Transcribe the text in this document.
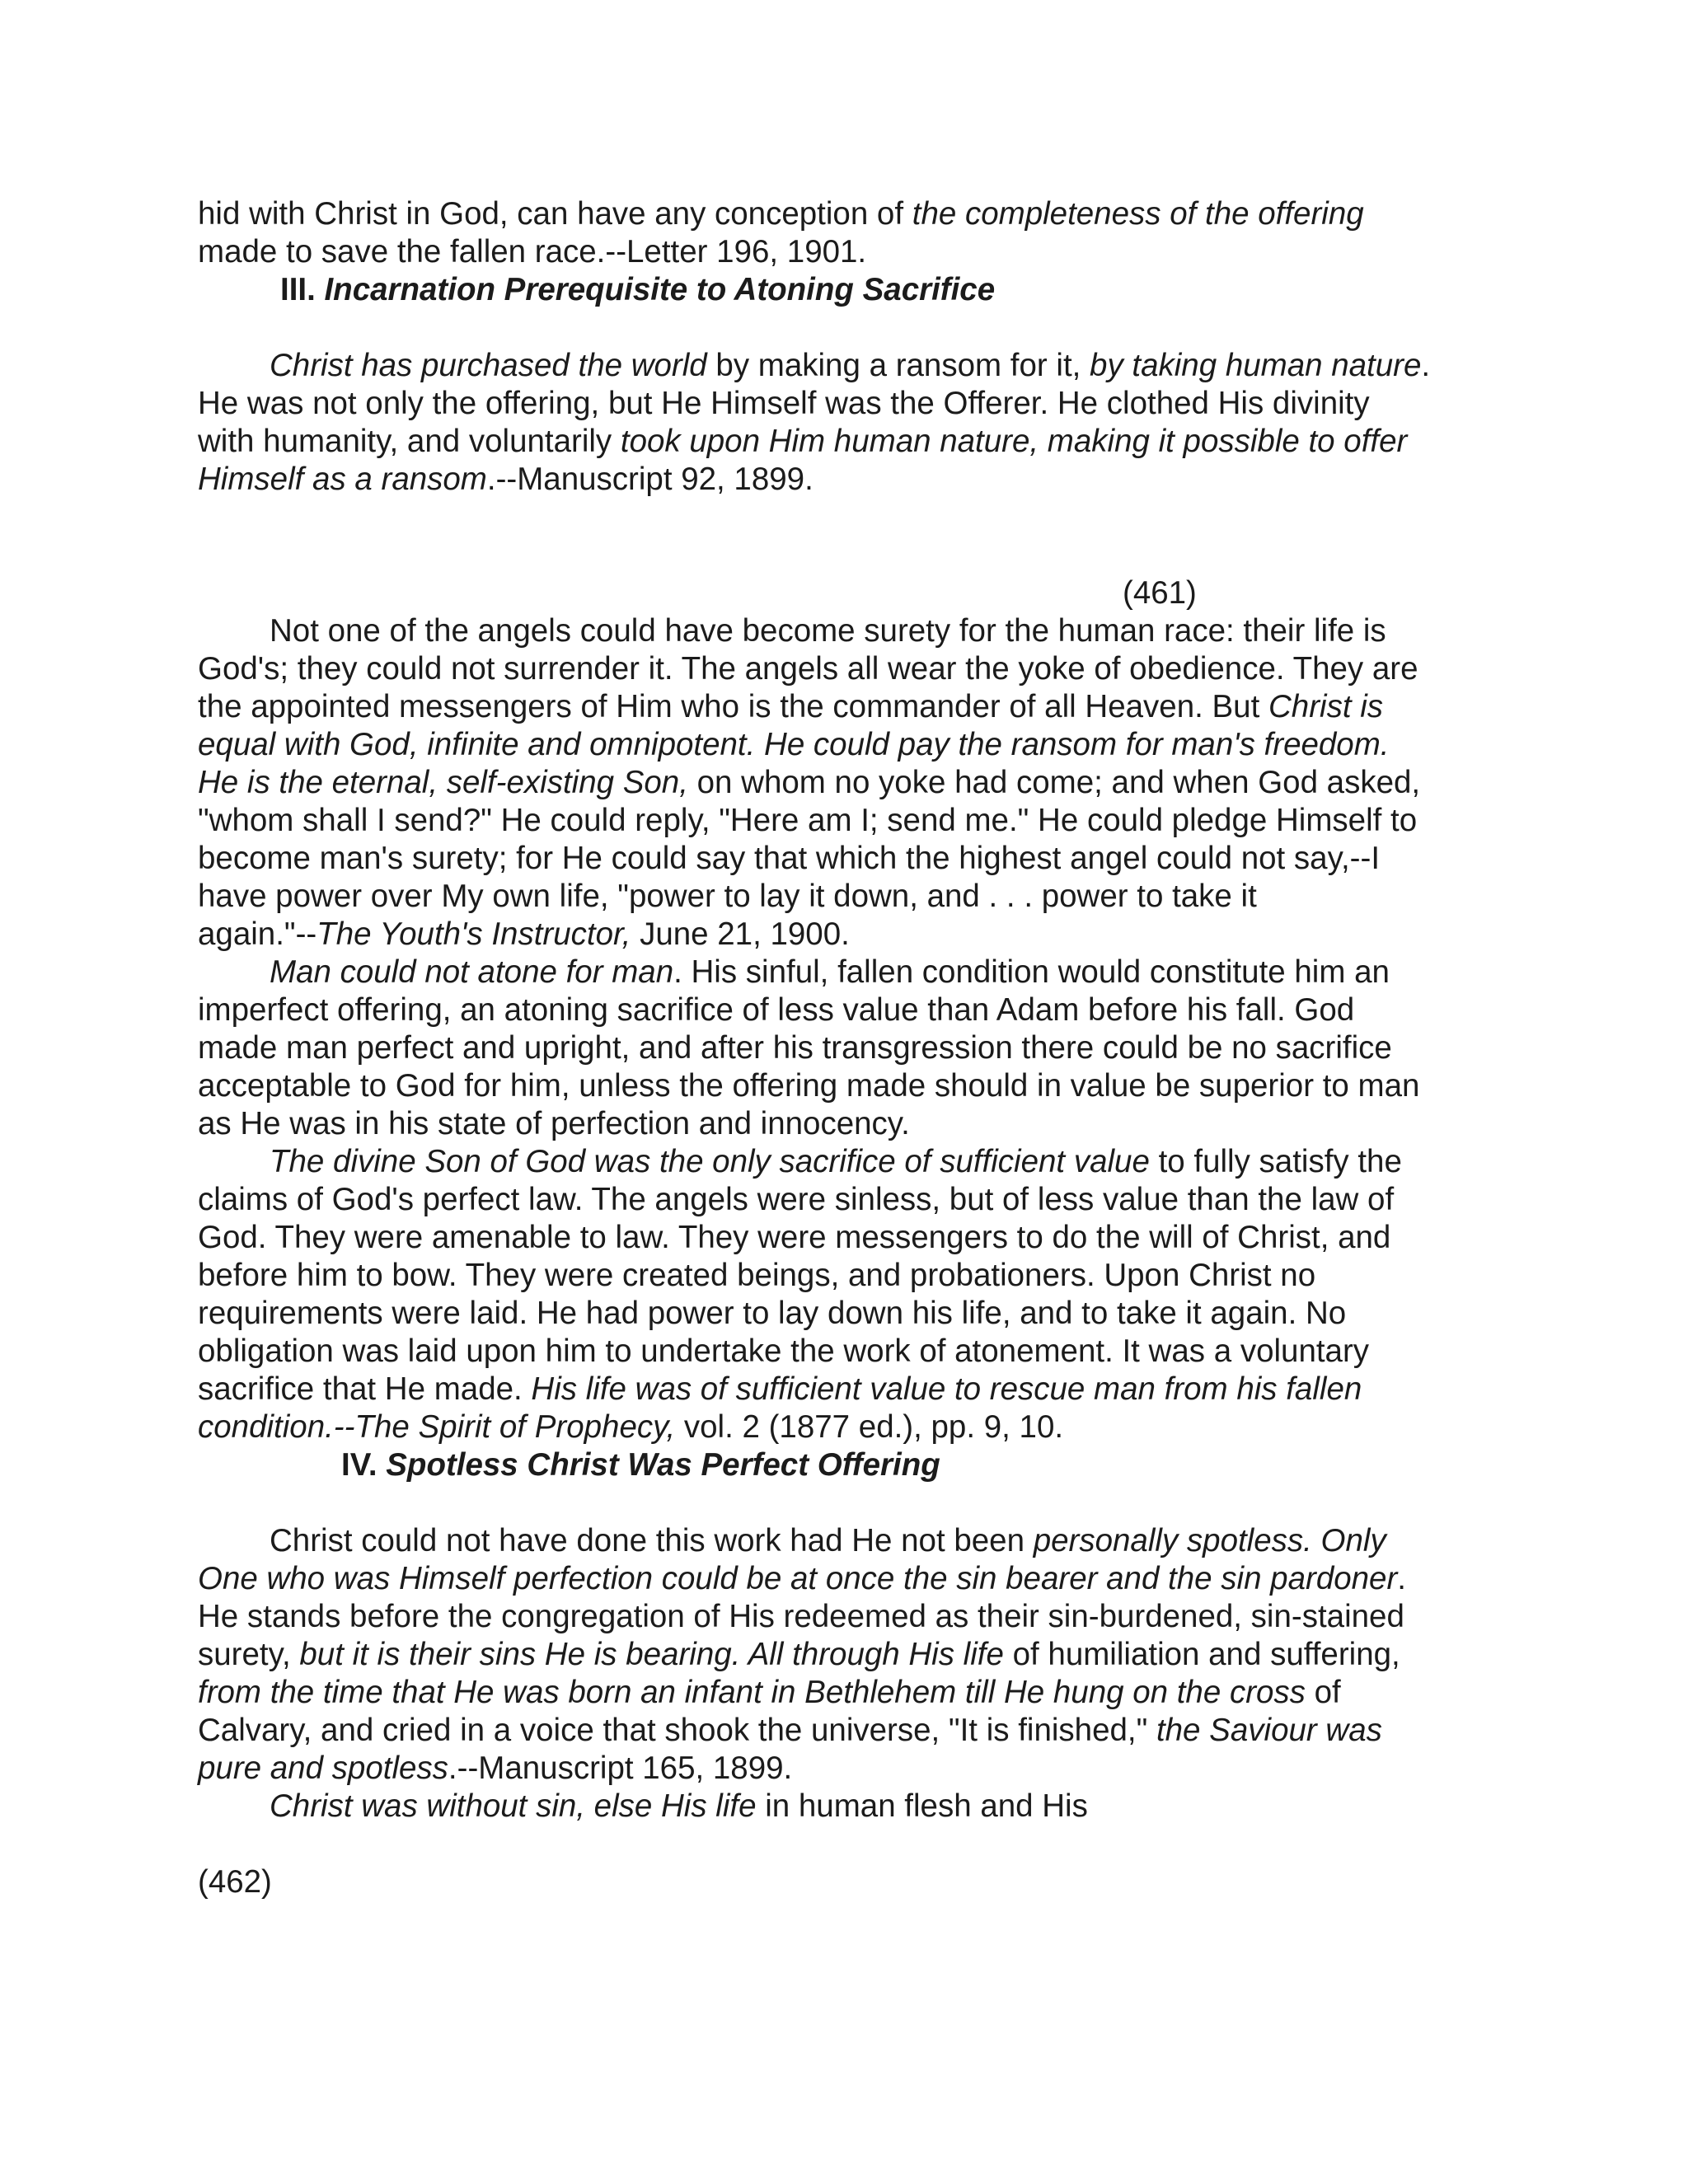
hid with Christ in God, can have any conception of the completeness of the offering
made to save the fallen race.--Letter 196, 1901.
III. Incarnation Prerequisite to Atoning Sacrifice
Christ has purchased the world by making a ransom for it, by taking human nature.
He was not only the offering, but He Himself was the Offerer. He clothed His divinity
with humanity, and voluntarily took upon Him human nature, making it possible to offer
Himself as a ransom.--Manuscript 92, 1899.
(461)
Not one of the angels could have become surety for the human race: their life is
God's; they could not surrender it. The angels all wear the yoke of obedience. They are
the appointed messengers of Him who is the commander of all Heaven. But Christ is
equal with God, infinite and omnipotent. He could pay the ransom for man's freedom.
He is the eternal, self-existing Son, on whom no yoke had come; and when God asked,
"whom shall I send?" He could reply, "Here am I; send me." He could pledge Himself to
become man's surety; for He could say that which the highest angel could not say,--I
have power over My own life, "power to lay it down, and . . . power to take it
again."--The Youth's Instructor, June 21, 1900.
Man could not atone for man. His sinful, fallen condition would constitute him an
imperfect offering, an atoning sacrifice of less value than Adam before his fall. God
made man perfect and upright, and after his transgression there could be no sacrifice
acceptable to God for him, unless the offering made should in value be superior to man
as He was in his state of perfection and innocency.
The divine Son of God was the only sacrifice of sufficient value to fully satisfy the
claims of God's perfect law. The angels were sinless, but of less value than the law of
God. They were amenable to law. They were messengers to do the will of Christ, and
before him to bow. They were created beings, and probationers. Upon Christ no
requirements were laid. He had power to lay down his life, and to take it again. No
obligation was laid upon him to undertake the work of atonement. It was a voluntary
sacrifice that He made. His life was of sufficient value to rescue man from his fallen
condition.--The Spirit of Prophecy, vol. 2 (1877 ed.), pp. 9, 10.
IV. Spotless Christ Was Perfect Offering
Christ could not have done this work had He not been personally spotless. Only
One who was Himself perfection could be at once the sin bearer and the sin pardoner.
He stands before the congregation of His redeemed as their sin-burdened, sin-stained
surety, but it is their sins He is bearing. All through His life of humiliation and suffering,
from the time that He was born an infant in Bethlehem till He hung on the cross of
Calvary, and cried in a voice that shook the universe, "It is finished," the Saviour was
pure and spotless.--Manuscript 165, 1899.
Christ was without sin, else His life in human flesh and His
(462)
